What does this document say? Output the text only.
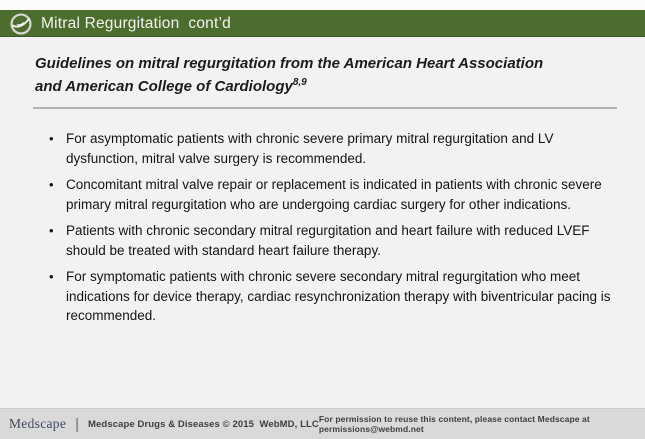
Mitral Regurgitation  cont’d
Guidelines on mitral regurgitation from the American Heart Association
and American College of Cardiology$^{8,9}$
• For asymptomatic patients with chronic severe primary mitral regurgitation and LV dysfunction, mitral valve surgery is recommended.
• Concomitant mitral valve repair or replacement is indicated in patients with chronic severe primary mitral regurgitation who are undergoing cardiac surgery for other indications.
• Patients with chronic secondary mitral regurgitation and heart failure with reduced LVEF should be treated with standard heart failure therapy.
• For symptomatic patients with chronic severe secondary mitral regurgitation who meet indications for device therapy, cardiac resynchronization therapy with biventricular pacing is recommended.
Medscape | Medscape Drugs & Diseases © 2015  WebMD, LLC For permission to reuse this content, please contact Medscape at permissions@webmd.net
